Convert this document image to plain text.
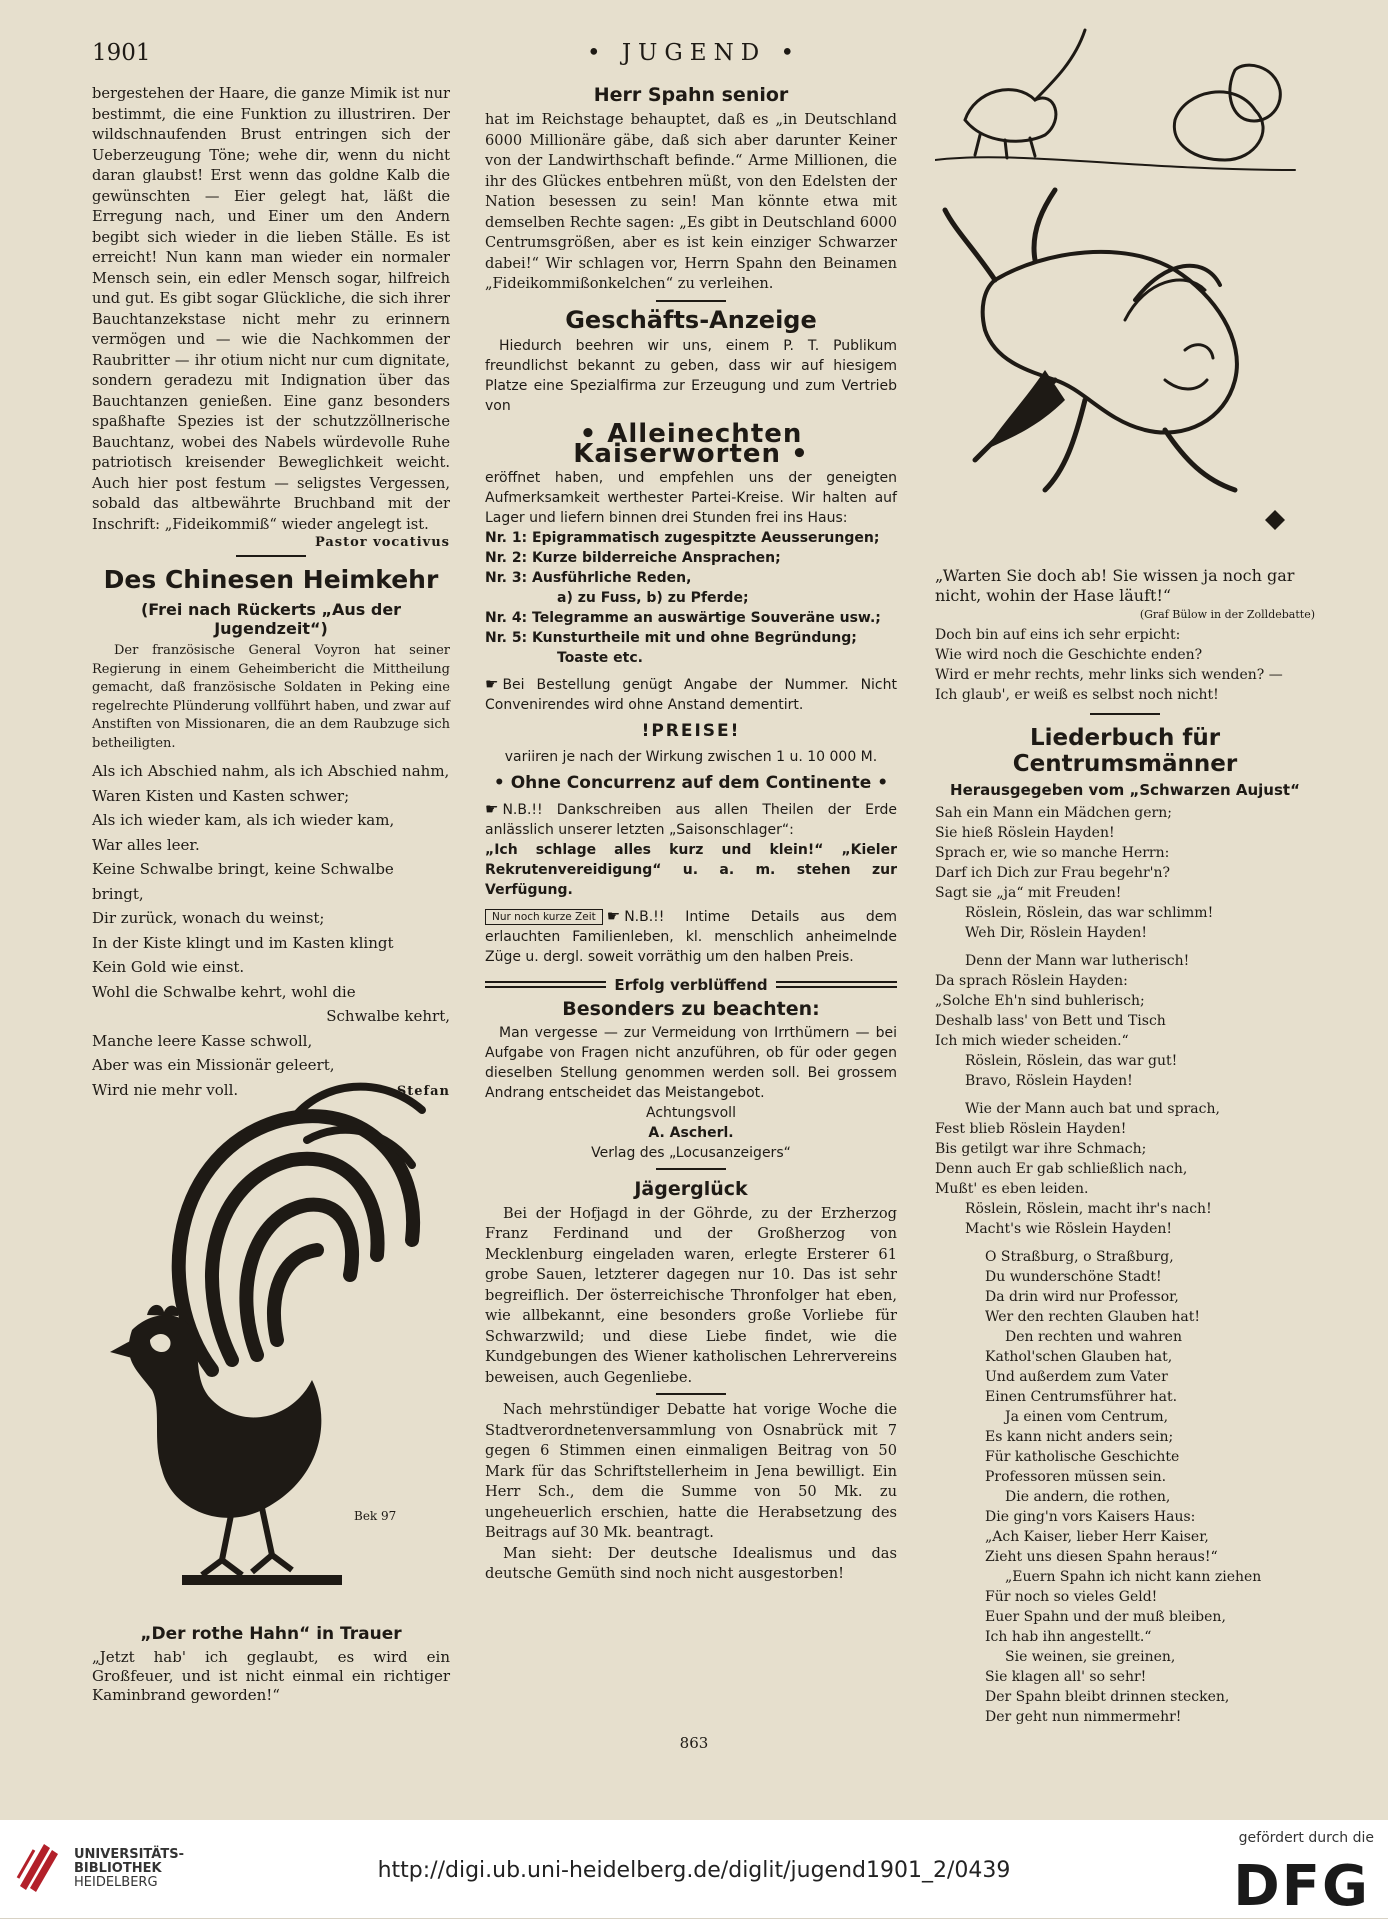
1901	• JUGEND •

bergestehen der Haare, die ganze Mimik ist nur bestimmt, die eine Funktion zu illustriren. Der wildschnaufenden Brust entringen sich der Ueberzeugung Töne; wehe dir, wenn du nicht daran glaubst! Erst wenn das goldne Kalb die gewünschten — Eier gelegt hat, läßt die Erregung nach, und Einer um den Andern begibt sich wieder in die lieben Ställe. Es ist erreicht! Nun kann man wieder ein normaler Mensch sein, ein edler Mensch sogar, hilfreich und gut. Es gibt sogar Glückliche, die sich ihrer Bauchtanzekstase nicht mehr zu erinnern vermögen und — wie die Nachkommen der Raubritter — ihr otium nicht nur cum dignitate, sondern geradezu mit Indignation über das Bauchtanzen genießen. Eine ganz besonders spaßhafte Spezies ist der schutzzöllnerische Bauchtanz, wobei des Nabels würdevolle Ruhe patriotisch kreisender Beweglichkeit weicht. Auch hier post festum — seligstes Vergessen, sobald das altbewährte Bruchband mit der Inschrift: „Fideikommiß“ wieder angelegt ist.

Pastor vocativus
Des Chinesen Heimkehr
(Frei nach Rückerts „Aus der Jugendzeit“)
Der französische General Voyron hat seiner Regierung in einem Geheimbericht die Mittheilung gemacht, daß französische Soldaten in Peking eine regelrechte Plünderung vollführt haben, und zwar auf Anstiften von Missionaren, die an dem Raubzuge sich betheiligten.
Als ich Abschied nahm, als ich Abschied nahm,
Waren Kisten und Kasten schwer;
Als ich wieder kam, als ich wieder kam,
War alles leer.
Keine Schwalbe bringt, keine Schwalbe bringt,
Dir zurück, wonach du weinst;
In der Kiste klingt und im Kasten klingt
Kein Gold wie einst.
Wohl die Schwalbe kehrt, wohl die
Schwalbe kehrt,
Manche leere Kasse schwoll,
Aber was ein Missionär geleert,
Wird nie mehr voll.	Stefan
Bek 97
„Der rothe Hahn“ in Trauer
„Jetzt hab' ich geglaubt, es wird ein Großfeuer, und ist nicht einmal ein richtiger Kaminbrand geworden!“
Herr Spahn senior
hat im Reichstage behauptet, daß es „in Deutschland 6000 Millionäre gäbe, daß sich aber darunter Keiner von der Landwirthschaft befinde.“ Arme Millionen, die ihr des Glückes entbehren müßt, von den Edelsten der Nation besessen zu sein! Man könnte etwa mit demselben Rechte sagen: „Es gibt in Deutschland 6000 Centrumsgrößen, aber es ist kein einziger Schwarzer dabei!“ Wir schlagen vor, Herrn Spahn den Beinamen „Fideikommißonkelchen“ zu verleihen.
Geschäfts-Anzeige
Hiedurch beehren wir uns, einem P. T. Publikum freundlichst bekannt zu geben, dass wir auf hiesigem Platze eine Spezialfirma zur Erzeugung und zum Vertrieb von
• Alleinechten Kaiserworten •
eröffnet haben, und empfehlen uns der geneigten Aufmerksamkeit werthester Partei-Kreise. Wir halten auf Lager und liefern binnen drei Stunden frei ins Haus:
Nr. 1: Epigrammatisch zugespitzte Aeusserungen;
Nr. 2: Kurze bilderreiche Ansprachen;
Nr. 3: Ausführliche Reden,
a) zu Fuss, b) zu Pferde;
Nr. 4: Telegramme an auswärtige Souveräne usw.;
Nr. 5: Kunsturtheile mit und ohne Begründung;
Toaste etc.
☛ Bei Bestellung genügt Angabe der Nummer. Nicht Convenirendes wird ohne Anstand dementirt.
!PREISE!
variiren je nach der Wirkung zwischen 1 u. 10 000 M.
• Ohne Concurrenz auf dem Continente •
☛ N.B.!! Dankschreiben aus allen Theilen der Erde anlässlich unserer letzten „Saisonschlager“:
„Ich schlage alles kurz und klein!“ „Kieler Rekrutenvereidigung“ u. a. m. stehen zur Verfügung.
Nur noch kurze Zeit ☛ N.B.!! Intime Details aus dem erlauchten Familienleben, kl. menschlich anheimelnde Züge u. dergl. soweit vorräthig um den halben Preis.
Erfolg verblüffend
Besonders zu beachten:
Man vergesse — zur Vermeidung von Irrthümern — bei Aufgabe von Fragen nicht anzuführen, ob für oder gegen dieselben Stellung genommen werden soll. Bei grossem Andrang entscheidet das Meistangebot.
Achtungsvoll
A. Ascherl.
Verlag des „Locusanzeigers“
Jägerglück
Bei der Hofjagd in der Göhrde, zu der Erzherzog Franz Ferdinand und der Großherzog von Mecklenburg eingeladen waren, erlegte Ersterer 61 grobe Sauen, letzterer dagegen nur 10. Das ist sehr begreiflich. Der österreichische Thronfolger hat eben, wie allbekannt, eine besonders große Vorliebe für Schwarzwild; und diese Liebe findet, wie die Kundgebungen des Wiener katholischen Lehrervereins beweisen, auch Gegenliebe.
Nach mehrstündiger Debatte hat vorige Woche die Stadtverordnetenversammlung von Osnabrück mit 7 gegen 6 Stimmen einen einmaligen Beitrag von 50 Mark für das Schriftstellerheim in Jena bewilligt. Ein Herr Sch., dem die Summe von 50 Mk. zu ungeheuerlich erschien, hatte die Herabsetzung des Beitrags auf 30 Mk. beantragt.
Man sieht: Der deutsche Idealismus und das deutsche Gemüth sind noch nicht ausgestorben!
„Warten Sie doch ab! Sie wissen ja noch gar nicht, wohin der Hase läuft!“
(Graf Bülow in der Zolldebatte)
Doch bin auf eins ich sehr erpicht:
Wie wird noch die Geschichte enden?
Wird er mehr rechts, mehr links sich wenden? —
Ich glaub', er weiß es selbst noch nicht!
Liederbuch für Centrumsmänner
Herausgegeben vom „Schwarzen Aujust“
Sah ein Mann ein Mädchen gern;
Sie hieß Röslein Hayden!
Sprach er, wie so manche Herrn:
Darf ich Dich zur Frau begehr'n?
Sagt sie „ja“ mit Freuden!
Röslein, Röslein, das war schlimm!
Weh Dir, Röslein Hayden!
Denn der Mann war lutherisch!
Da sprach Röslein Hayden:
„Solche Eh'n sind buhlerisch;
Deshalb lass' von Bett und Tisch
Ich mich wieder scheiden.“
Röslein, Röslein, das war gut!
Bravo, Röslein Hayden!
Wie der Mann auch bat und sprach,
Fest blieb Röslein Hayden!
Bis getilgt war ihre Schmach;
Denn auch Er gab schließlich nach,
Mußt' es eben leiden.
Röslein, Röslein, macht ihr's nach!
Macht's wie Röslein Hayden!
O Straßburg, o Straßburg,
Du wunderschöne Stadt!
Da drin wird nur Professor,
Wer den rechten Glauben hat!
Den rechten und wahren
Kathol'schen Glauben hat,
Und außerdem zum Vater
Einen Centrumsführer hat.
Ja einen vom Centrum,
Es kann nicht anders sein;
Für katholische Geschichte
Professoren müssen sein.
Die andern, die rothen,
Die ging'n vors Kaisers Haus:
„Ach Kaiser, lieber Herr Kaiser,
Zieht uns diesen Spahn heraus!“
„Euern Spahn ich nicht kann ziehen
Für noch so vieles Geld!
Euer Spahn und der muß bleiben,
Ich hab ihn angestellt.“
Sie weinen, sie greinen,
Sie klagen all' so sehr!
Der Spahn bleibt drinnen stecken,
Der geht nun nimmermehr!
863
UNIVERSITÄTS-
BIBLIOTHEK
HEIDELBERG	http://digi.ub.uni-heidelberg.de/diglit/jugend1901_2/0439
gefördert durch die
DFG
